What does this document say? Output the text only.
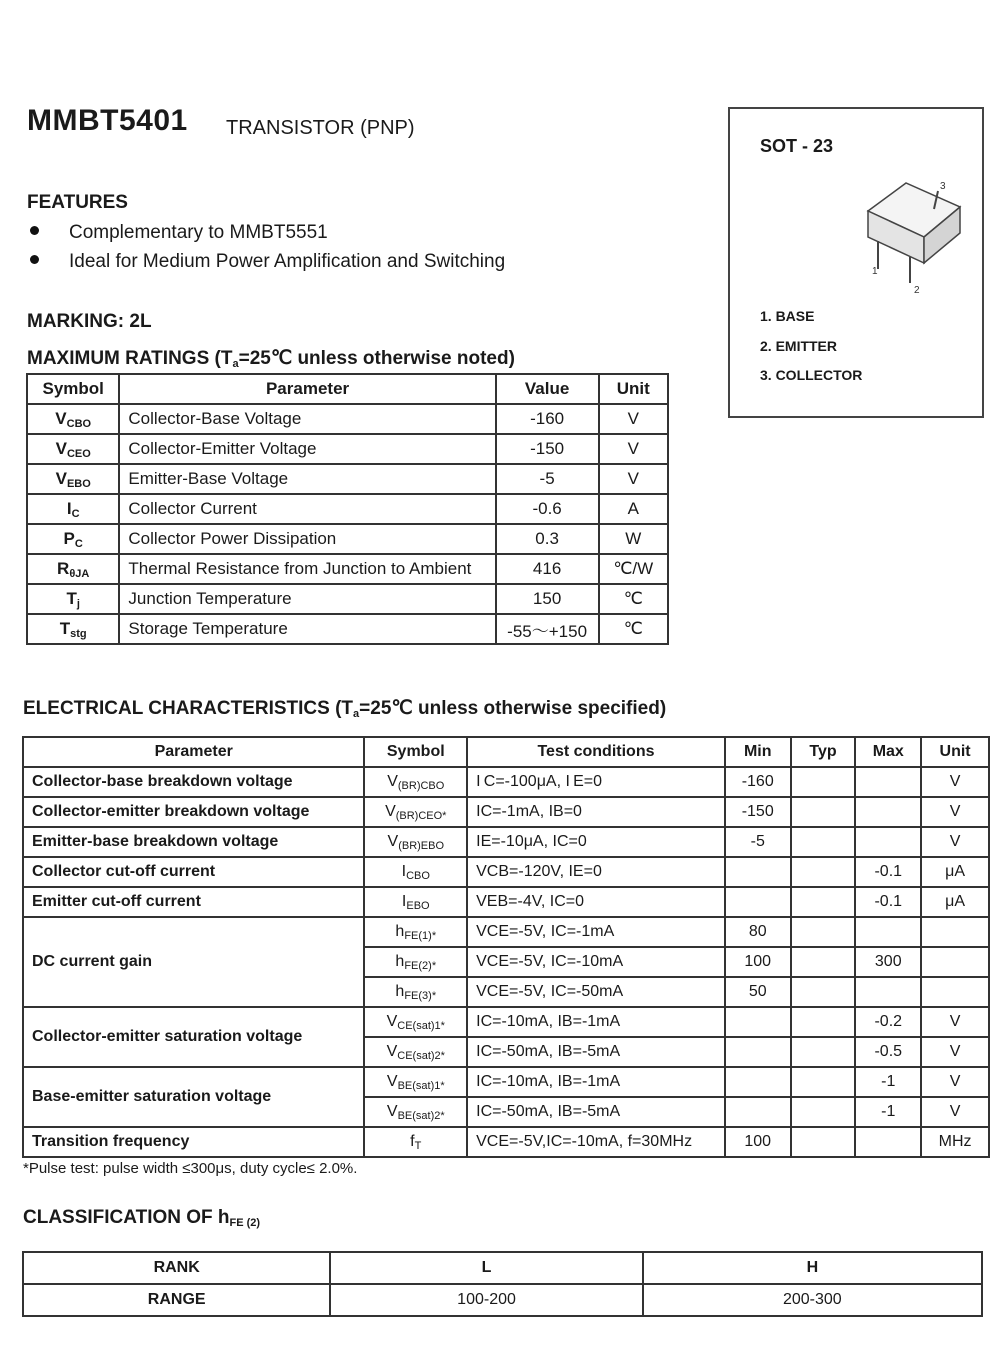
MMBT5401 TRANSISTOR (PNP)
FEATURES
Complementary to MMBT5551
Ideal for Medium Power Amplification and Switching
MARKING: 2L
SOT - 23
1
2
3
1. BASE
2. EMITTER
3. COLLECTOR
MAXIMUM RATINGS ($T_a=25℃$ unless otherwise noted)
Symbol	Parameter	Value	Unit
$V_{CBO}$	Collector-Base Voltage	-160	V
$V_{CEO}$	Collector-Emitter Voltage	-150	V
$V_{EBO}$	Emitter-Base Voltage	-5	V
$I_C$	Collector Current	-0.6	A
$P_C$	Collector Power Dissipation	0.3	W
$R_{\theta JA}$	Thermal Resistance from Junction to Ambient	416	℃/W
$T_j$	Junction Temperature	150	℃
$T_{stg}$	Storage Temperature	-55～+150	℃
ELECTRICAL CHARACTERISTICS ($T_a=25℃$ unless otherwise specified)
Parameter	Symbol	Test conditions	Min	Typ	Max	Unit
Collector-base breakdown voltage	$V_{(BR)CBO}$	I C=-100μA, I E=0	-160			V
Collector-emitter breakdown voltage	$V_{(BR)CEO*}$	IC=-1mA, IB=0	-150			V
Emitter-base breakdown voltage	$V_{(BR)EBO}$	IE=-10μA, IC=0	-5			V
Collector cut-off current	$I_{CBO}$	VCB=-120V, IE=0			-0.1	μA
Emitter cut-off current	$I_{EBO}$	VEB=-4V, IC=0			-0.1	μA
DC current gain	$h_{FE(1)*}$	VCE=-5V, IC=-1mA	80			
	$h_{FE(2)*}$	VCE=-5V, IC=-10mA	100		300	
	$h_{FE(3)*}$	VCE=-5V, IC=-50mA	50			
Collector-emitter saturation voltage	$V_{CE(sat)1*}$	IC=-10mA, IB=-1mA			-0.2	V
	$V_{CE(sat)2*}$	IC=-50mA, IB=-5mA			-0.5	V
Base-emitter saturation voltage	$V_{BE(sat)1*}$	IC=-10mA, IB=-1mA			-1	V
	$V_{BE(sat)2*}$	IC=-50mA, IB=-5mA			-1	V
Transition frequency	$f_T$	VCE=-5V,IC=-10mA, f=30MHz	100			MHz
*Pulse test: pulse width ≤300μs, duty cycle≤ 2.0%.
CLASSIFICATION OF $h_{FE (2)}$
RANK	L	H
RANGE	100-200	200-300
